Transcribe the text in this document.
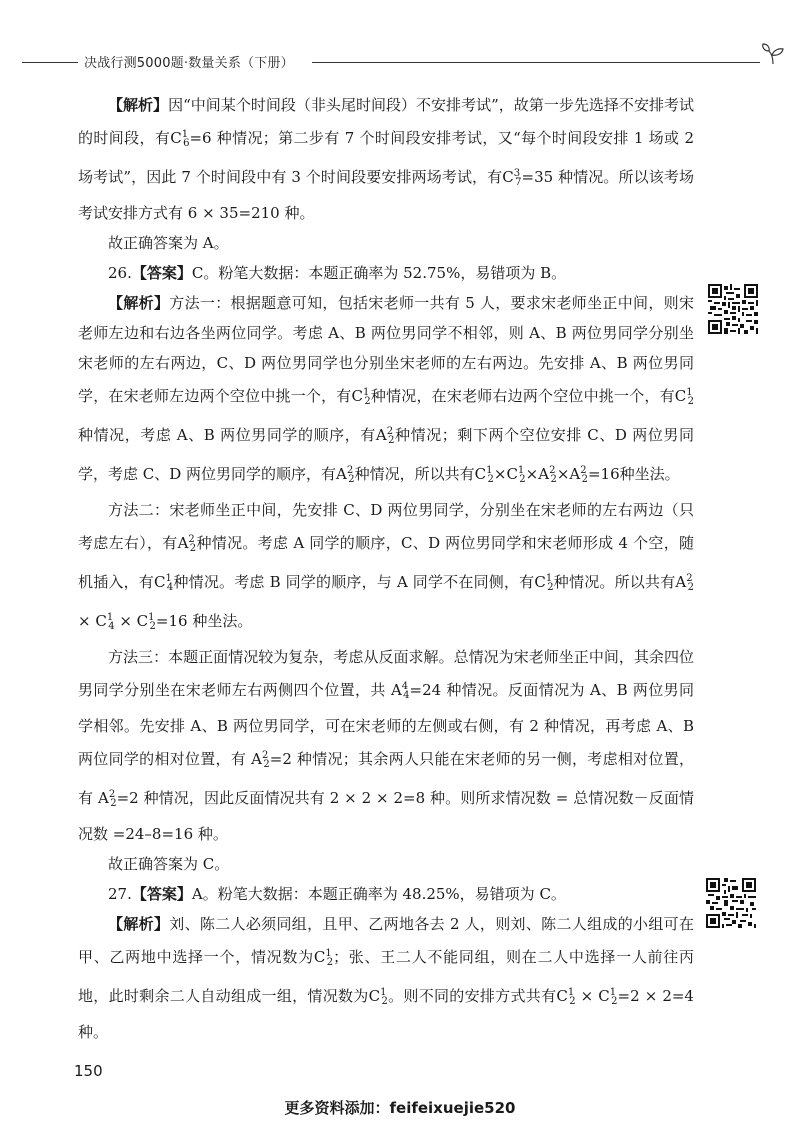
决战行测5000题·数量关系（下册）

【解析】因“中间某个时间段（非头尾时间段）不安排考试”，故第一步先选择不安排考试的时间段，有$C^1_6=6$ 种情况；第二步有 7 个时间段安排考试，又“每个时间段安排 1 场或 2 场考试”，因此 7 个时间段中有 3 个时间段要安排两场考试，有$C^3_7=35$ 种情况。所以该考场考试安排方式有 6 × 35=210 种。

故正确答案为 A。

26.【答案】C。粉笔大数据：本题正确率为 52.75%，易错项为 B。

【解析】方法一：根据题意可知，包括宋老师一共有 5 人，要求宋老师坐正中间，则宋老师左边和右边各坐两位同学。考虑 A、B 两位男同学不相邻，则 A、B 两位男同学分别坐宋老师的左右两边，C、D 两位男同学也分别坐宋老师的左右两边。先安排 A、B 两位男同学，在宋老师左边两个空位中挑一个，有$C^1_2$种情况，在宋老师右边两个空位中挑一个，有$C^1_2$种情况，考虑 A、B 两位男同学的顺序，有$A^2_2$种情况；剩下两个空位安排 C、D 两位男同学，考虑 C、D 两位男同学的顺序，有$A^2_2$种情况，所以共有$C^1_2\times C^1_2\times A^2_2\times A^2_2=16$种坐法。

方法二：宋老师坐正中间，先安排 C、D 两位男同学，分别坐在宋老师的左右两边（只考虑左右），有$A^2_2$种情况。考虑 A 同学的顺序，C、D 两位男同学和宋老师形成 4 个空，随机插入，有$C^1_4$种情况。考虑 B 同学的顺序，与 A 同学不在同侧，有$C^1_2$种情况。所以共有$A^2_2 \times C^1_4 \times C^1_2=16$ 种坐法。

方法三：本题正面情况较为复杂，考虑从反面求解。总情况为宋老师坐正中间，其余四位男同学分别坐在宋老师左右两侧四个位置，共 $A^4_4=24$ 种情况。反面情况为 A、B 两位男同学相邻。先安排 A、B 两位男同学，可在宋老师的左侧或右侧，有 2 种情况，再考虑 A、B 两位同学的相对位置，有 $A^2_2=2$ 种情况；其余两人只能在宋老师的另一侧，考虑相对位置，有 $A^2_2=2$ 种情况，因此反面情况共有 2 × 2 × 2=8 种。则所求情况数 = 总情况数－反面情况数 =24–8=16 种。

故正确答案为 C。

27.【答案】A。粉笔大数据：本题正确率为 48.25%，易错项为 C。

【解析】刘、陈二人必须同组，且甲、乙两地各去 2 人，则刘、陈二人组成的小组可在甲、乙两地中选择一个，情况数为$C^1_2$；张、王二人不能同组，则在二人中选择一人前往丙地，此时剩余二人自动组成一组，情况数为$C^1_2$。则不同的安排方式共有$C^1_2 \times C^1_2=2 \times 2=4$ 种。

150
更多资料添加：feifeixuejie520
